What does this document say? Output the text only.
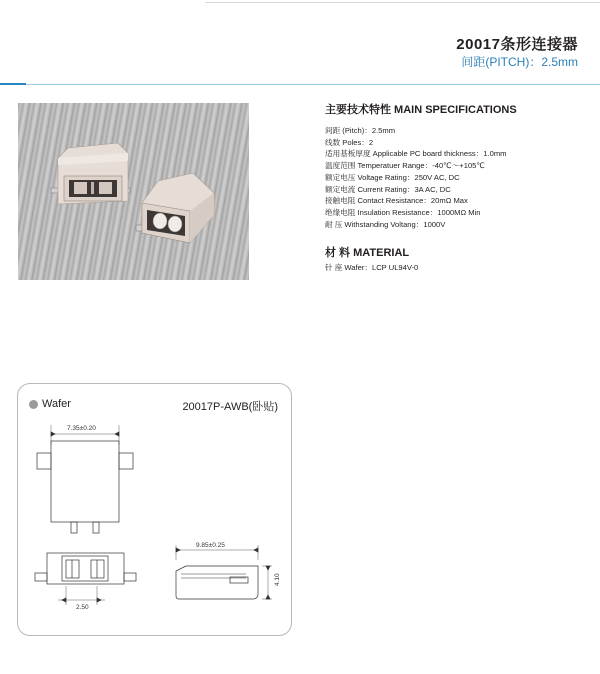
20017条形连接器
间距(PITCH)：2.5mm
主要技术特性 MAIN SPECIFICATIONS
间距 (Pitch)：2.5mm
线数 Poles：2
适用基板厚度 Applicable PC board thickness：1.0mm
温度范围 Temperatuer Range：-40℃～+105℃
额定电压 Voltage Rating：250V AC, DC
额定电流 Current Rating：3A AC, DC
接触电阻 Contact Resistance：20mΩ Max
绝缘电阻 Insulation Resistance：1000MΩ Min
耐 压 Withstanding Voltang：1000V
材 料 MATERIAL
针 座 Wafer：LCP UL94V-0
Wafer	20017P-AWB(卧贴)
7.35±0.20
9.85±0.25
4.10
2.50
